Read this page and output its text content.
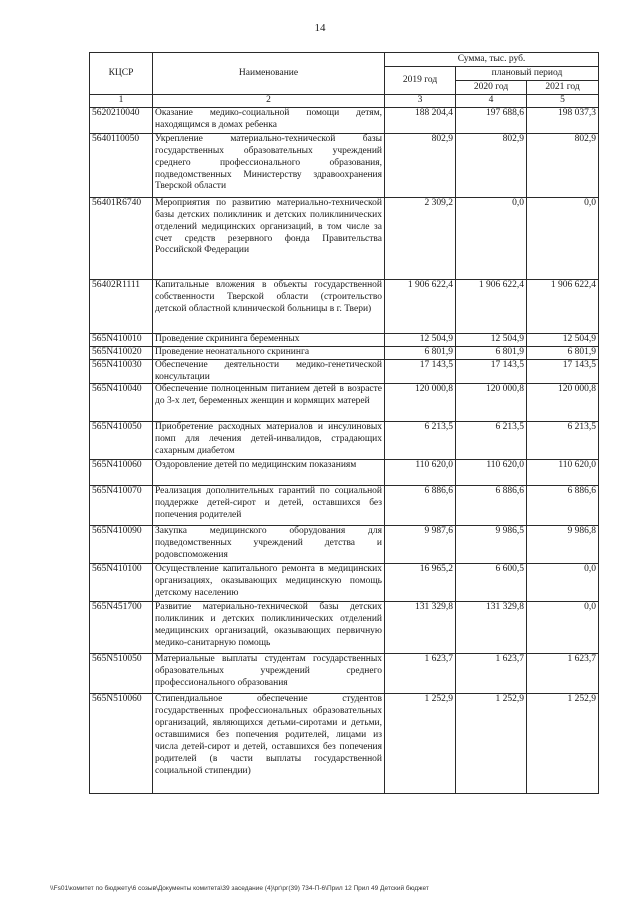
14
КЦСР	Наименование	Сумма, тыс. руб.		
		2019 год	плановый период	
			2020 год	2021 год
1	2	3	4	5
5620210040	Оказание медико-социальной помощи детям, находящимся в домах ребенка	188 204,4	197 688,6	198 037,3
5640110050	Укрепление материально-технической базы государственных образовательных учреждений среднего профессионального образования, подведомственных Министерству здравоохранения Тверской области	802,9	802,9	802,9
56401R6740	Мероприятия по развитию материально-технической базы детских поликлиник и детских поликлинических отделений медицинских организаций, в том числе за счет средств резервного фонда Правительства Российской Федерации	2 309,2	0,0	0,0
56402R1111	Капитальные вложения в объекты государственной собственности Тверской области (строительство детской областной клинической больницы в г. Твери)	1 906 622,4	1 906 622,4	1 906 622,4
565N410010	Проведение скрининга беременных	12 504,9	12 504,9	12 504,9
565N410020	Проведение неонатального скрининга	6 801,9	6 801,9	6 801,9
565N410030	Обеспечение деятельности медико-генетической консультации	17 143,5	17 143,5	17 143,5
565N410040	Обеспечение полноценным питанием детей в возрасте до 3-х лет, беременных женщин и кормящих матерей	120 000,8	120 000,8	120 000,8
565N410050	Приобретение расходных материалов и инсулиновых помп для лечения детей-инвалидов, страдающих сахарным диабетом	6 213,5	6 213,5	6 213,5
565N410060	Оздоровление детей по медицинским показаниям	110 620,0	110 620,0	110 620,0
565N410070	Реализация дополнительных гарантий по социальной поддержке детей-сирот и детей, оставшихся без попечения родителей	6 886,6	6 886,6	6 886,6
565N410090	Закупка медицинского оборудования для подведомственных учреждений детства и родовспоможения	9 987,6	9 986,5	9 986,8
565N410100	Осуществление капитального ремонта в медицинских организациях, оказывающих медицинскую помощь детскому населению	16 965,2	6 600,5	0,0
565N451700	Развитие материально-технической базы детских поликлиник и детских поликлинических отделений медицинских организаций, оказывающих первичную медико-санитарную помощь	131 329,8	131 329,8	0,0
565N510050	Материальные выплаты студентам государственных образовательных учреждений среднего профессионального образования	1 623,7	1 623,7	1 623,7
565N510060	Стипендиальное обеспечение студентов государственных профессиональных образовательных организаций, являющихся детьми-сиротами и детьми, оставшимися без попечения родителей, лицами из числа детей-сирот и детей, оставшихся без попечения родителей (в части выплаты государственной социальной стипендии)	1 252,9	1 252,9	1 252,9
\\Fs01\комитет по бюджету\6 созыв\Документы комитета\39 заседание (4)\рг\рг(39) 734-П-6\Прил 12 Прил 49 Детский бюджет
